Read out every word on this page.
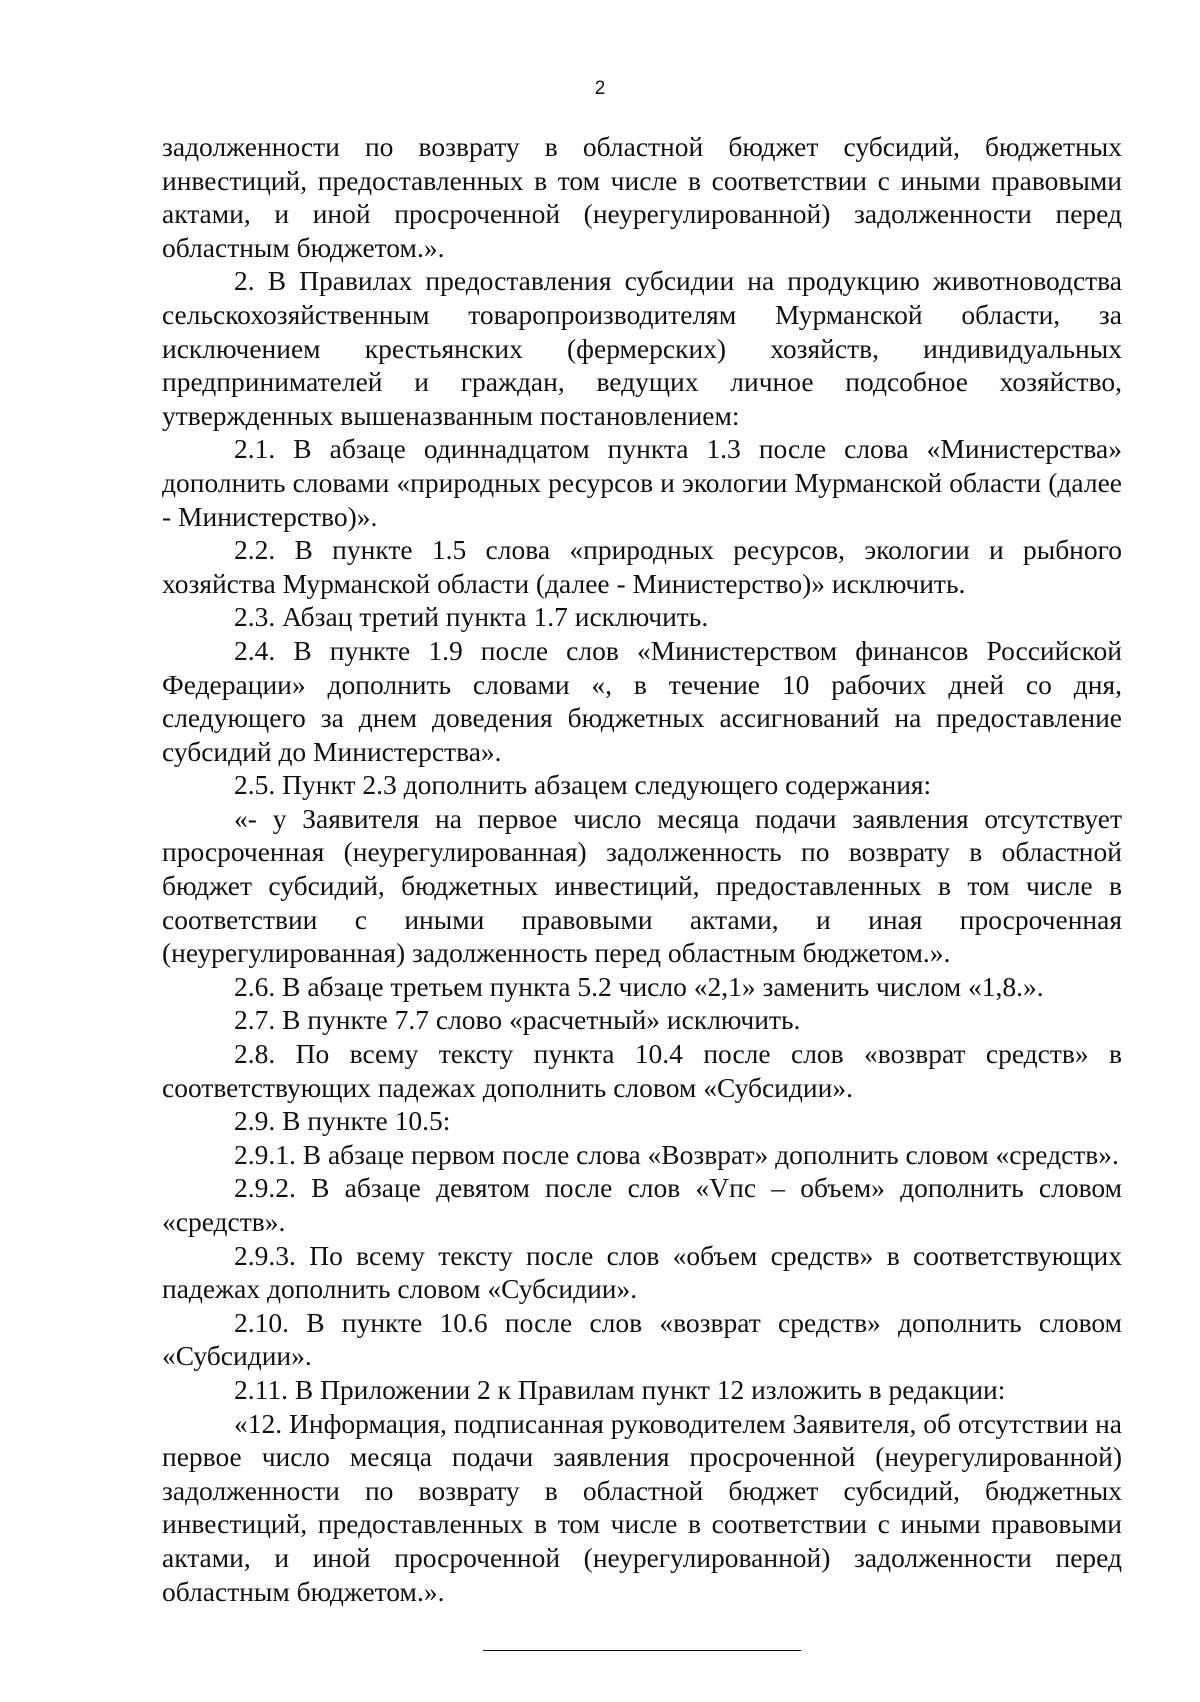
2

задолженности по возврату в областной бюджет субсидий, бюджетных инвестиций, предоставленных в том числе в соответствии с иными правовыми актами, и иной просроченной (неурегулированной) задолженности перед областным бюджетом.».

2. В Правилах предоставления субсидии на продукцию животноводства сельскохозяйственным товаропроизводителям Мурманской области, за исключением крестьянских (фермерских) хозяйств, индивидуальных предпринимателей и граждан, ведущих личное подсобное хозяйство, утвержденных вышеназванным постановлением:

2.1. В абзаце одиннадцатом пункта 1.3 после слова «Министерства» дополнить словами «природных ресурсов и экологии Мурманской области (далее - Министерство)».

2.2. В пункте 1.5 слова «природных ресурсов, экологии и рыбного хозяйства Мурманской области (далее - Министерство)» исключить.

2.3. Абзац третий пункта 1.7 исключить.

2.4. В пункте 1.9 после слов «Министерством финансов Российской Федерации» дополнить словами «, в течение 10 рабочих дней со дня, следующего за днем доведения бюджетных ассигнований на предоставление субсидий до Министерства».

2.5. Пункт 2.3 дополнить абзацем следующего содержания:

«- у Заявителя на первое число месяца подачи заявления отсутствует просроченная (неурегулированная) задолженность по возврату в областной бюджет субсидий, бюджетных инвестиций, предоставленных в том числе в соответствии с иными правовыми актами, и иная просроченная (неурегулированная) задолженность перед областным бюджетом.».

2.6. В абзаце третьем пункта 5.2 число «2,1» заменить числом «1,8.».

2.7. В пункте 7.7 слово «расчетный» исключить.

2.8. По всему тексту пункта 10.4 после слов «возврат средств» в соответствующих падежах дополнить словом «Субсидии».

2.9. В пункте 10.5:

2.9.1. В абзаце первом после слова «Возврат» дополнить словом «средств».

2.9.2. В абзаце девятом после слов «Vпс – объем» дополнить словом «средств».

2.9.3. По всему тексту после слов «объем средств» в соответствующих падежах дополнить словом «Субсидии».

2.10. В пункте 10.6 после слов «возврат средств» дополнить словом «Субсидии».

2.11. В Приложении 2 к Правилам пункт 12 изложить в редакции:

«12. Информация, подписанная руководителем Заявителя, об отсутствии на первое число месяца подачи заявления просроченной (неурегулированной) задолженности по возврату в областной бюджет субсидий, бюджетных инвестиций, предоставленных в том числе в соответствии с иными правовыми актами, и иной просроченной (неурегулированной) задолженности перед областным бюджетом.».
